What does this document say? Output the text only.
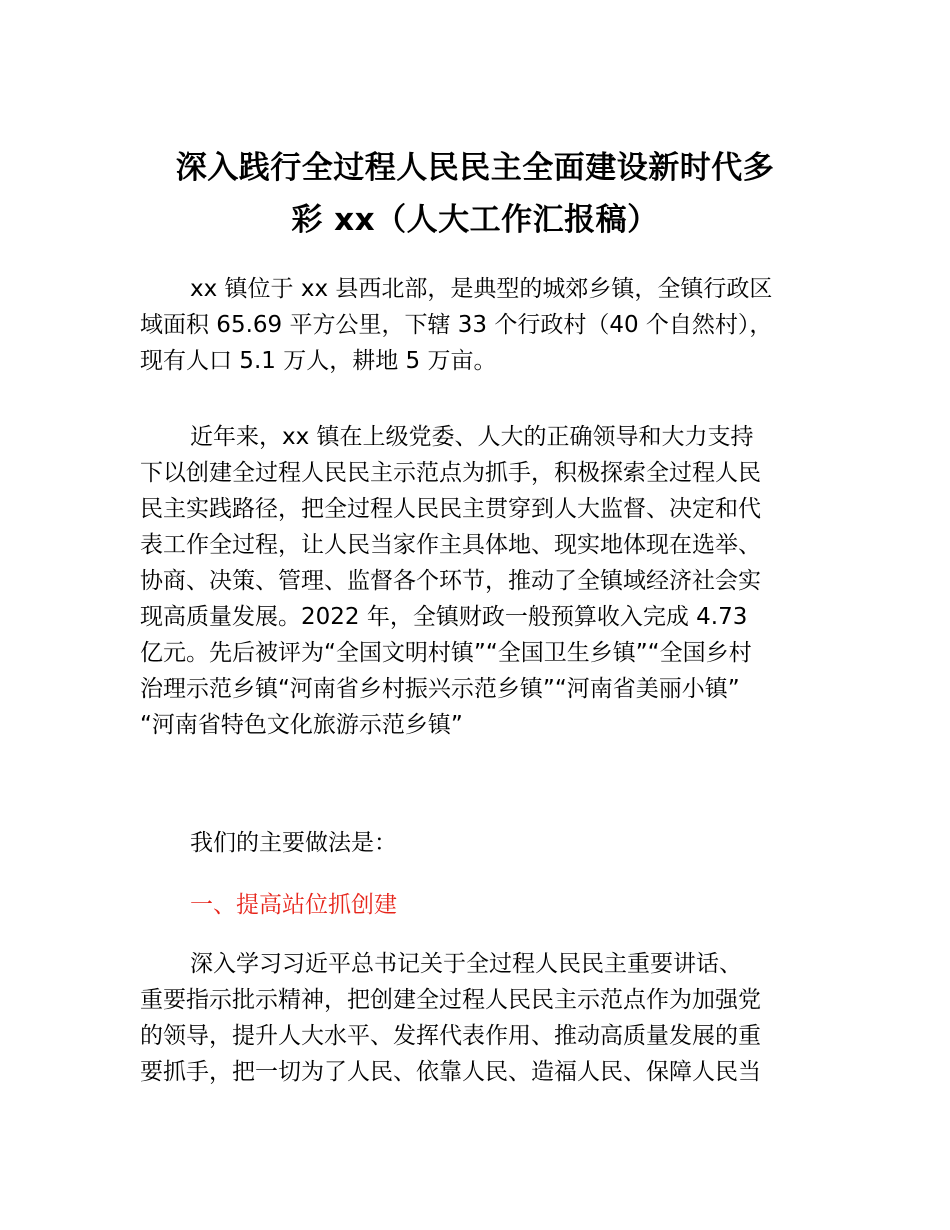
深入践行全过程人民民主全面建设新时代多
彩 xx（人大工作汇报稿）
xx 镇位于 xx 县西北部，是典型的城郊乡镇，全镇行政区
域面积 65.69 平方公里，下辖 33 个行政村（40 个自然村），
现有人口 5.1 万人，耕地 5 万亩。
近年来，xx 镇在上级党委、人大的正确领导和大力支持
下以创建全过程人民民主示范点为抓手，积极探索全过程人民
民主实践路径，把全过程人民民主贯穿到人大监督、决定和代
表工作全过程，让人民当家作主具体地、现实地体现在选举、
协商、决策、管理、监督各个环节，推动了全镇域经济社会实
现高质量发展。2022 年，全镇财政一般预算收入完成 4.73
亿元。先后被评为“全国文明村镇”“全国卫生乡镇”“全国乡村
治理示范乡镇“河南省乡村振兴示范乡镇”“河南省美丽小镇”
“河南省特色文化旅游示范乡镇”
我们的主要做法是：
一、提高站位抓创建
深入学习习近平总书记关于全过程人民民主重要讲话、
重要指示批示精神，把创建全过程人民民主示范点作为加强党
的领导，提升人大水平、发挥代表作用、推动高质量发展的重
要抓手，把一切为了人民、依靠人民、造福人民、保障人民当
